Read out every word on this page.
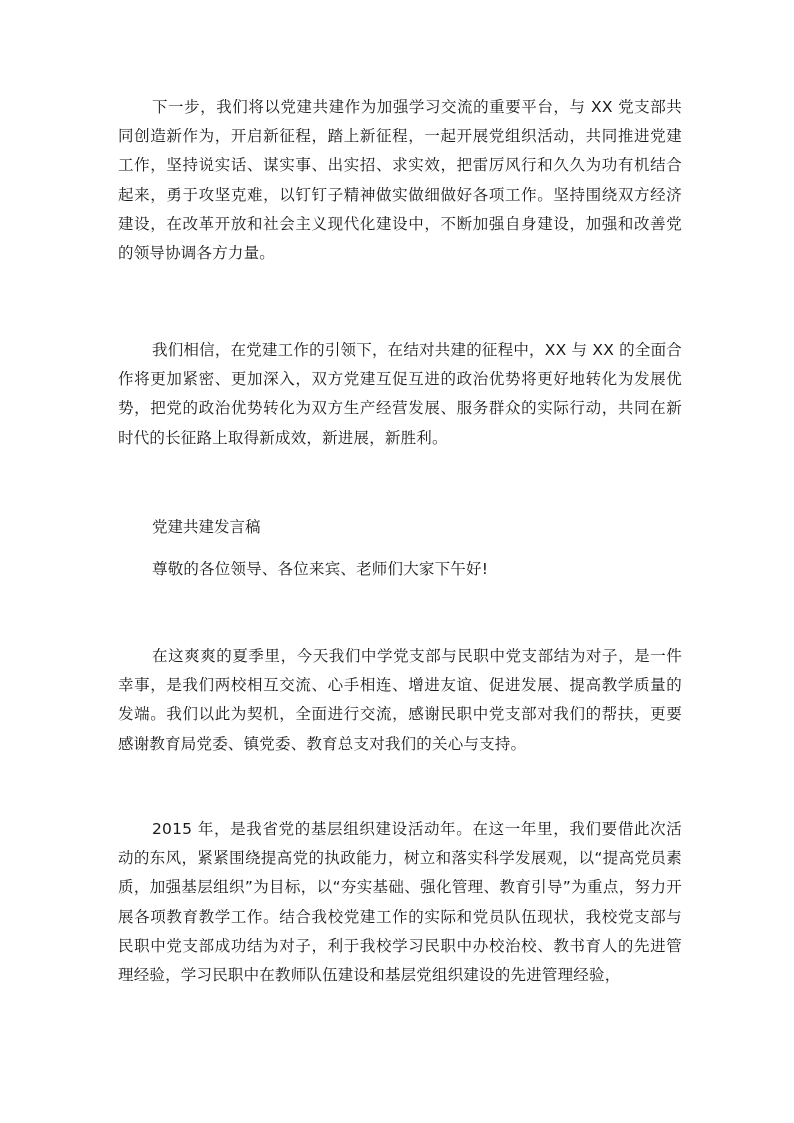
下一步，我们将以党建共建作为加强学习交流的重要平台，与 XX 党支部共同创造新作为，开启新征程，踏上新征程，一起开展党组织活动，共同推进党建工作，坚持说实话、谋实事、出实招、求实效，把雷厉风行和久久为功有机结合起来，勇于攻坚克难，以钉钉子精神做实做细做好各项工作。坚持围绕双方经济建设，在改革开放和社会主义现代化建设中，不断加强自身建设，加强和改善党的领导协调各方力量。

我们相信，在党建工作的引领下，在结对共建的征程中，XX 与 XX 的全面合作将更加紧密、更加深入，双方党建互促互进的政治优势将更好地转化为发展优势，把党的政治优势转化为双方生产经营发展、服务群众的实际行动，共同在新时代的长征路上取得新成效，新进展，新胜利。

党建共建发言稿

尊敬的各位领导、各位来宾、老师们大家下午好!

在这爽爽的夏季里，今天我们中学党支部与民职中党支部结为对子，是一件幸事，是我们两校相互交流、心手相连、增进友谊、促进发展、提高教学质量的发端。我们以此为契机，全面进行交流，感谢民职中党支部对我们的帮扶，更要感谢教育局党委、镇党委、教育总支对我们的关心与支持。

2015 年，是我省党的基层组织建设活动年。在这一年里，我们要借此次活动的东风，紧紧围绕提高党的执政能力，树立和落实科学发展观，以“提高党员素质，加强基层组织”为目标，以“夯实基础、强化管理、教育引导”为重点，努力开展各项教育教学工作。结合我校党建工作的实际和党员队伍现状，我校党支部与民职中党支部成功结为对子，利于我校学习民职中办校治校、教书育人的先进管理经验，学习民职中在教师队伍建设和基层党组织建设的先进管理经验，
